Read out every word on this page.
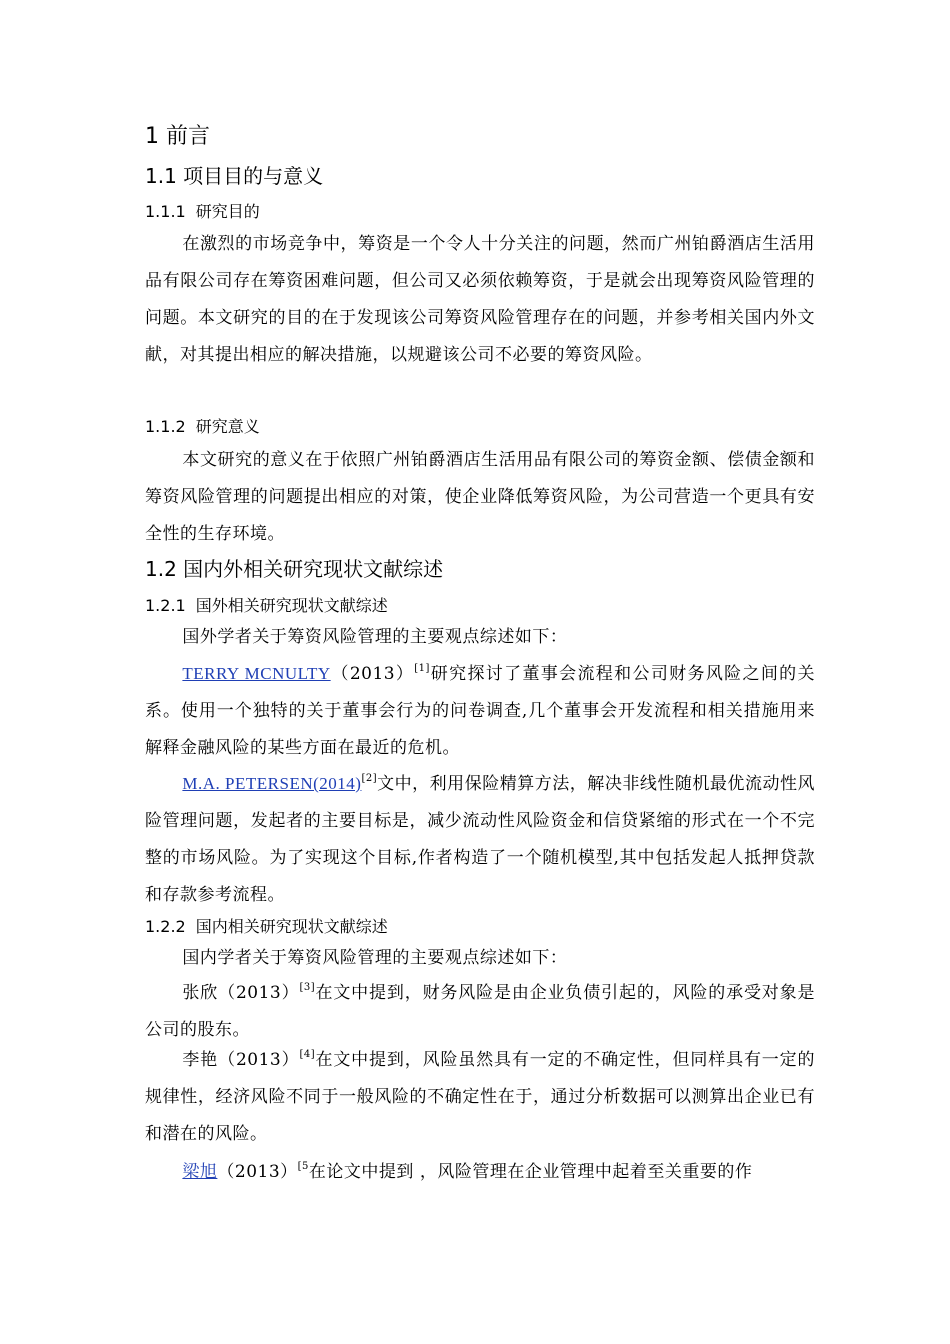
1 前言
1.1 项目目的与意义
1.1.1 研究目的
在激烈的市场竞争中，筹资是一个令人十分关注的问题，然而广州铂爵酒店生活用品有限公司存在筹资困难问题，但公司又必须依赖筹资，于是就会出现筹资风险管理的问题。本文研究的目的在于发现该公司筹资风险管理存在的问题，并参考相关国内外文献，对其提出相应的解决措施，以规避该公司不必要的筹资风险。
1.1.2 研究意义
本文研究的意义在于依照广州铂爵酒店生活用品有限公司的筹资金额、偿债金额和筹资风险管理的问题提出相应的对策，使企业降低筹资风险，为公司营造一个更具有安全性的生存环境。
1.2 国内外相关研究现状文献综述
1.2.1 国外相关研究现状文献综述
国外学者关于筹资风险管理的主要观点综述如下：
TERRY MCNULTY（2013）[1]研究探讨了董事会流程和公司财务风险之间的关系。使用一个独特的关于董事会行为的问卷调查,几个董事会开发流程和相关措施用来解释金融风险的某些方面在最近的危机。
M.A. PETERSEN(2014)[2]文中，利用保险精算方法，解决非线性随机最优流动性风险管理问题，发起者的主要目标是，减少流动性风险资金和信贷紧缩的形式在一个不完整的市场风险。为了实现这个目标,作者构造了一个随机模型,其中包括发起人抵押贷款和存款参考流程。
1.2.2 国内相关研究现状文献综述
国内学者关于筹资风险管理的主要观点综述如下：
张欣（2013）[3]在文中提到，财务风险是由企业负债引起的，风险的承受对象是公司的股东。
李艳（2013）[4]在文中提到，风险虽然具有一定的不确定性，但同样具有一定的规律性，经济风险不同于一般风险的不确定性在于，通过分析数据可以测算出企业已有和潜在的风险。
梁旭$(2013)^{[5}$在论文中提到 ，风险管理在企业管理中起着至关重要的作
